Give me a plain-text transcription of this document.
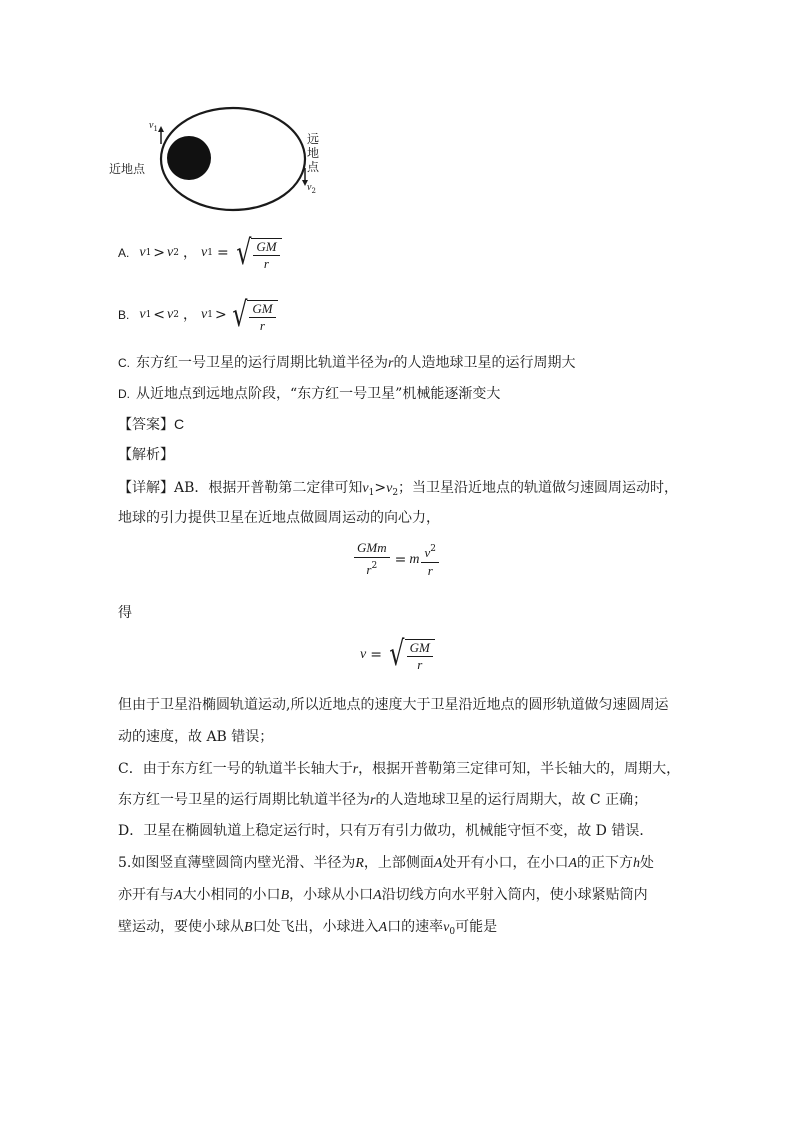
$v_1$
近地点
远
地
点
$v_2$
A. v 1 > v 2 ， v 1 = √ $\frac{GM}{r}$
B. v 1 < v 2 ， v 1 > √ $\frac{GM}{r}$
C. 东方红一号卫星的运行周期比轨道半径为r的人造地球卫星的运行周期大
D. 从近地点到远地点阶段，“东方红一号卫星”机械能逐渐变大
【答案】C
【解析】
【详解】AB．根据开普勒第二定律可知$v_1>v_2$；当卫星沿近地点的轨道做匀速圆周运动时，
地球的引力提供卫星在近地点做圆周运动的向心力，
$\frac{\text{GMm}}{r^2} = m \frac{v^2}{r}$
得
v = √ $\frac{GM}{r}$
但由于卫星沿椭圆轨道运动,所以近地点的速度大于卫星沿近地点的圆形轨道做匀速圆周运
动的速度，故 AB 错误；
C．由于东方红一号的轨道半长轴大于r，根据开普勒第三定律可知，半长轴大的，周期大，
东方红一号卫星的运行周期比轨道半径为r的人造地球卫星的运行周期大，故 C 正确；
D．卫星在椭圆轨道上稳定运行时，只有万有引力做功，机械能守恒不变，故 D 错误．
5.如图竖直薄壁圆筒内壁光滑、半径为R，上部侧面A处开有小口，在小口A的正下方h处
亦开有与A大小相同的小口B，小球从小口A沿切线方向水平射入筒内，使小球紧贴筒内
壁运动，要使小球从B口处飞出，小球进入A口的速率$v_0$可能是
